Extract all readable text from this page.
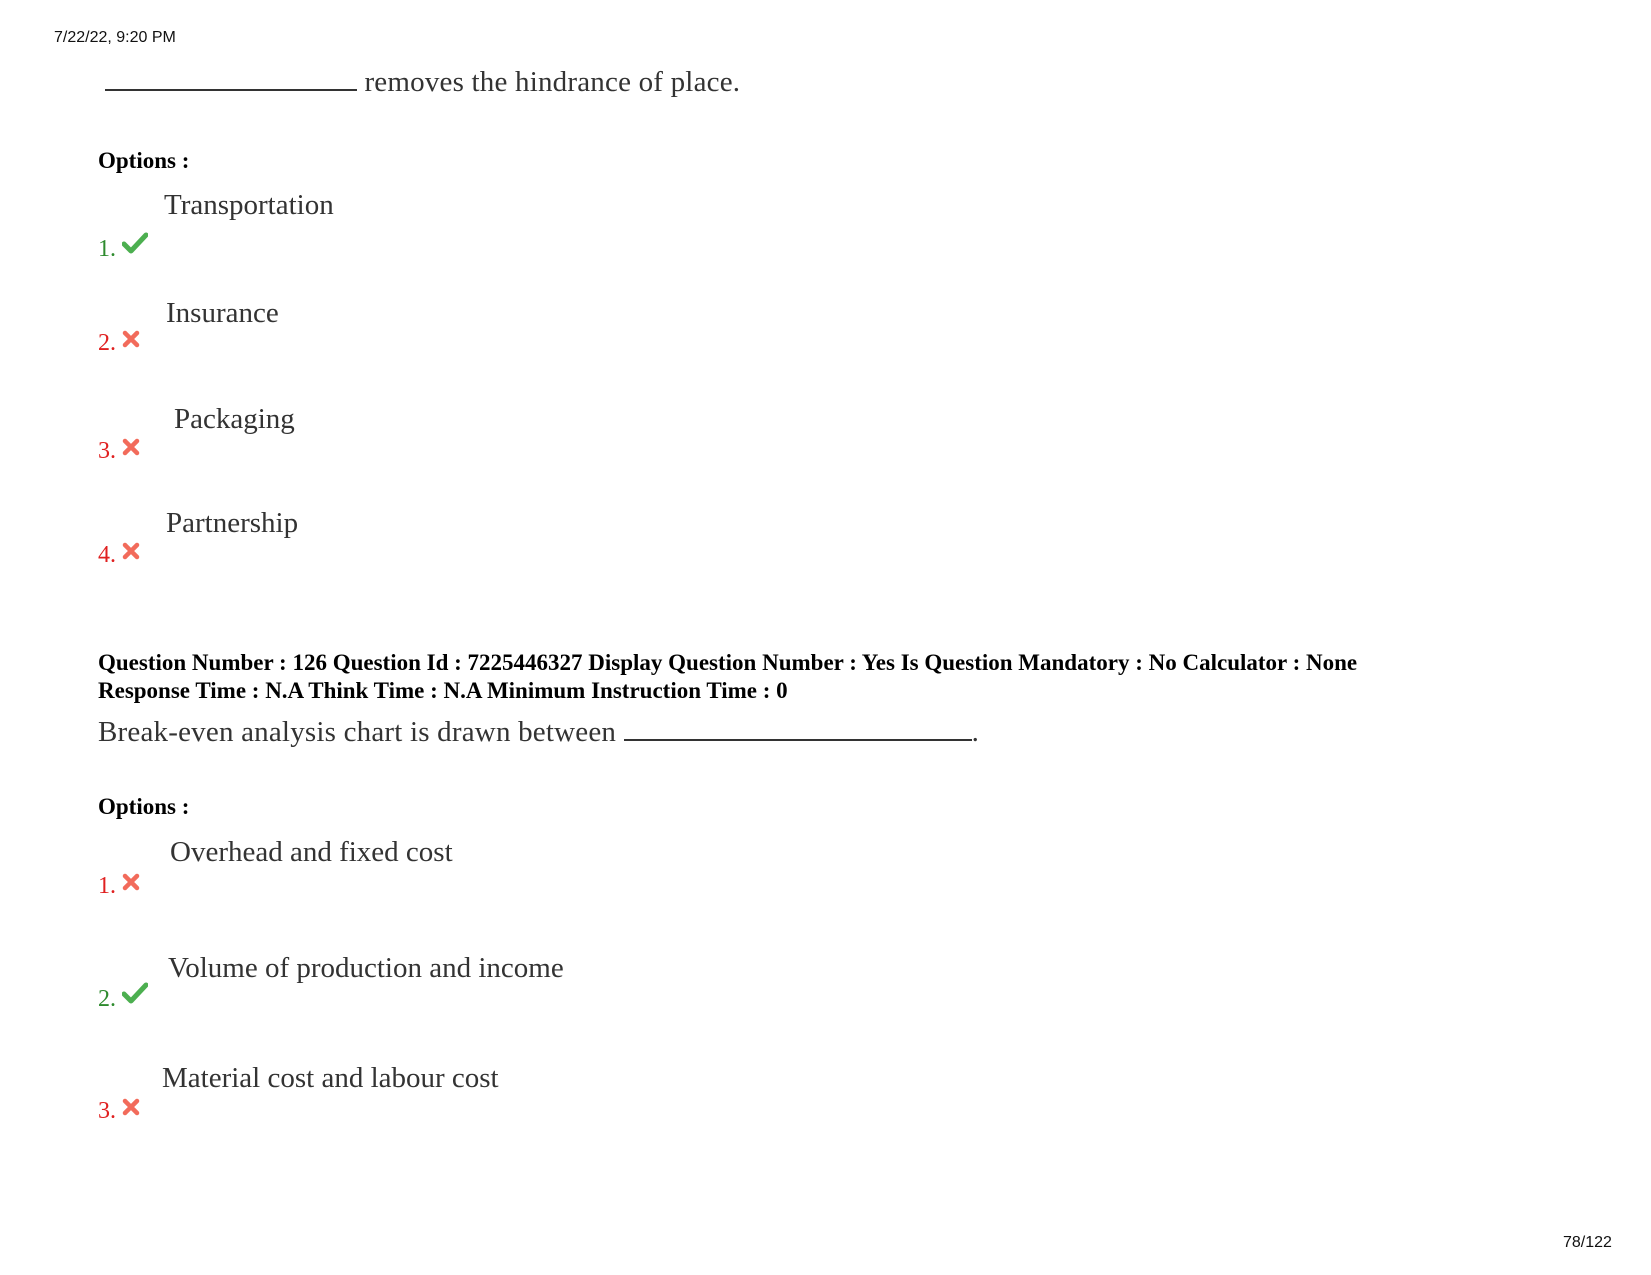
7/22/22, 9:20 PM
78/122
removes the hindrance of place.
Options :
Transportation
1.
Insurance
2.
Packaging
3.
Partnership
4.
Question Number : 126 Question Id : 7225446327 Display Question Number : Yes Is Question Mandatory : No Calculator : None
Response Time : N.A Think Time : N.A Minimum Instruction Time : 0
Break-even analysis chart is drawn between	.
Options :
Overhead and fixed cost
1.
Volume of production and income
2.
Material cost and labour cost
3.
